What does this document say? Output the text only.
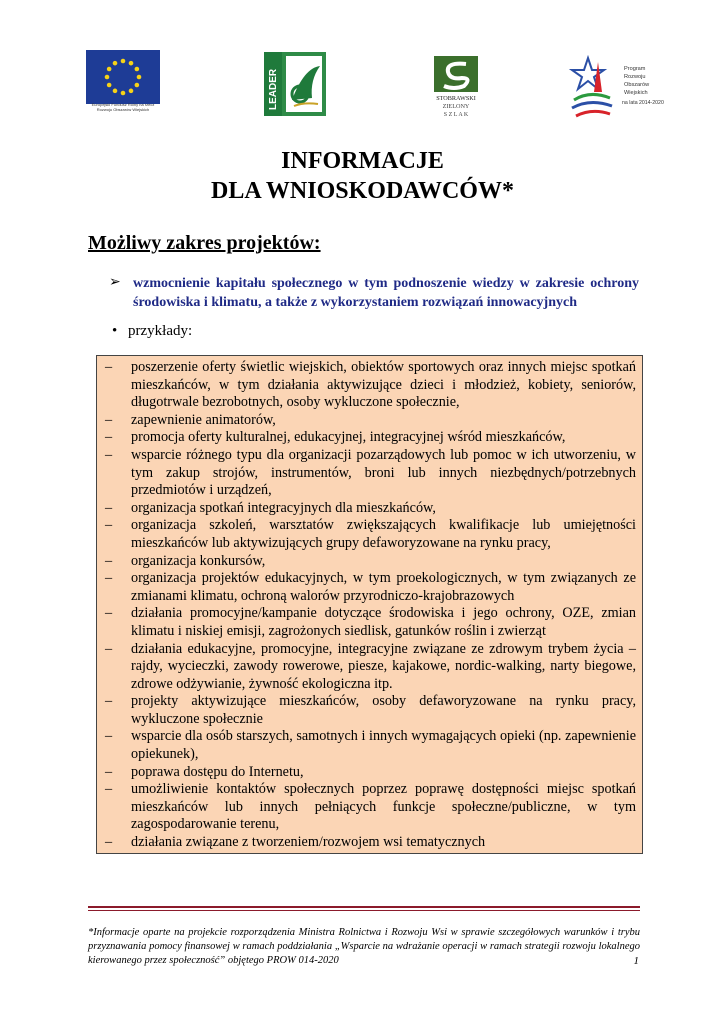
Europejski Fundusz Rolny na rzecz Rozwoju Obszarów Wiejskich	LEADER	STOBRAWSKI
ZIELONY
S Z L A K
Program
Rozwoju
Obszarów
Wiejskich
na lata 2014-2020
INFORMACJE
DLA WNIOSKODAWCÓW*
Możliwy zakres projektów:
➢ wzmocnienie kapitału społecznego w tym podnoszenie wiedzy w zakresie ochrony środowiska i klimatu, a także z wykorzystaniem rozwiązań innowacyjnych
• przykłady:
– poszerzenie oferty świetlic wiejskich, obiektów sportowych oraz innych miejsc spotkań mieszkańców, w tym działania aktywizujące dzieci i młodzież, kobiety, seniorów, długotrwale bezrobotnych, osoby wykluczone społecznie,
– zapewnienie animatorów,
– promocja oferty kulturalnej, edukacyjnej, integracyjnej wśród mieszkańców,
– wsparcie różnego typu dla organizacji pozarządowych lub pomoc w ich utworzeniu, w tym zakup strojów, instrumentów, broni lub innych niezbędnych/potrzebnych przedmiotów i urządzeń,
– organizacja spotkań integracyjnych dla mieszkańców,
– organizacja szkoleń, warsztatów zwiększających kwalifikacje lub umiejętności mieszkańców lub aktywizujących grupy defaworyzowane na rynku pracy,
– organizacja konkursów,
– organizacja projektów edukacyjnych, w tym proekologicznych, w tym związanych ze zmianami klimatu, ochroną walorów przyrodniczo-krajobrazowych
– działania promocyjne/kampanie dotyczące środowiska i jego ochrony, OZE, zmian klimatu i niskiej emisji, zagrożonych siedlisk, gatunków roślin i zwierząt
– działania edukacyjne, promocyjne, integracyjne związane ze zdrowym trybem życia – rajdy, wycieczki, zawody rowerowe, piesze, kajakowe, nordic-walking, narty biegowe, zdrowe odżywianie, żywność ekologiczna itp.
– projekty aktywizujące mieszkańców, osoby defaworyzowane na rynku pracy, wykluczone społecznie
– wsparcie dla osób starszych, samotnych i innych wymagających opieki (np. zapewnienie opiekunek),
– poprawa dostępu do Internetu,
– umożliwienie kontaktów społecznych poprzez poprawę dostępności miejsc spotkań mieszkańców lub innych pełniących funkcje społeczne/publiczne, w tym zagospodarowanie terenu,
– działania związane z tworzeniem/rozwojem wsi tematycznych
*Informacje oparte na projekcie rozporządzenia Ministra Rolnictwa i Rozwoju Wsi w sprawie szczegółowych warunków i trybu przyznawania pomocy finansowej w ramach poddziałania „Wsparcie na wdrażanie operacji w ramach strategii rozwoju lokalnego kierowanego przez społeczność” objętego PROW 014-2020	1
